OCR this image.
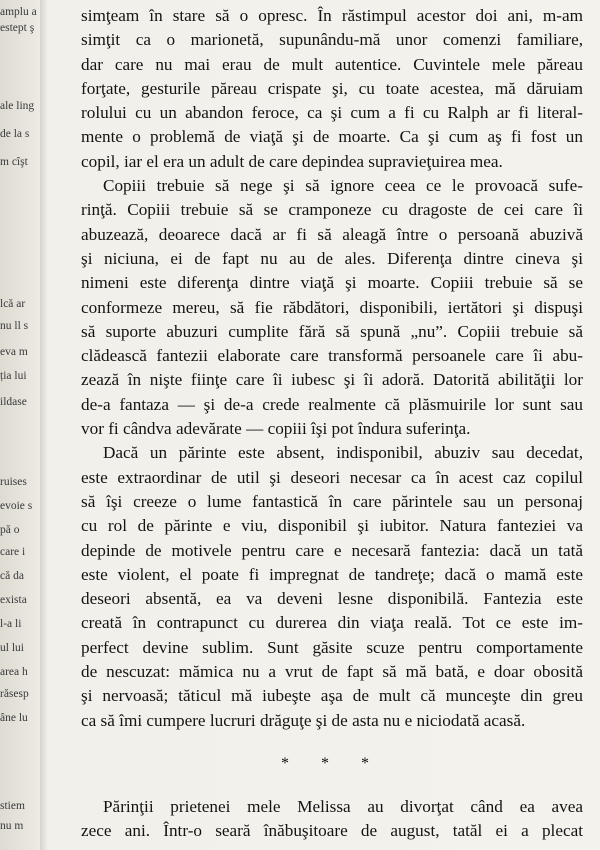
amplu a
estept ş
ale ling
de la s
m cîşt
lcă ar
nu ll s
eva m
ția lui
ildase
ruises
evoie s
pă o
care i
că da
exista
l-a li
ul lui
area h
răsesp
âne lu
stiem
nu m
simţeam în stare să o opresc. În răstimpul acestor doi ani, m-am
simţit ca o marionetă, supunându-mă unor comenzi familiare,
dar care nu mai erau de mult autentice. Cuvintele mele păreau
forţate, gesturile păreau crispate şi, cu toate acestea, mă dăruiam
rolului cu un abandon feroce, ca şi cum a fi cu Ralph ar fi literal-
mente o problemă de viaţă şi de moarte. Ca şi cum aş fi fost un
copil, iar el era un adult de care depindea supravieţuirea mea.
Copiii trebuie să nege şi să ignore ceea ce le provoacă sufe-
rinţă. Copiii trebuie să se cramponeze cu dragoste de cei care îi
abuzează, deoarece dacă ar fi să aleagă între o persoană abuzivă
şi niciuna, ei de fapt nu au de ales. Diferenţa dintre cineva şi
nimeni este diferenţa dintre viaţă şi moarte. Copiii trebuie să se
conformeze mereu, să fie răbdători, disponibili, iertători şi dispuşi
să suporte abuzuri cumplite fără să spună „nu”. Copiii trebuie să
clădească fantezii elaborate care transformă persoanele care îi abu-
zează în nişte fiinţe care îi iubesc şi îi adoră. Datorită abilităţii lor
de-a fantaza — şi de-a crede realmente că plăsmuirile lor sunt sau
vor fi cândva adevărate — copiii îşi pot îndura suferinţa.
Dacă un părinte este absent, indisponibil, abuziv sau decedat,
este extraordinar de util şi deseori necesar ca în acest caz copilul
să îşi creeze o lume fantastică în care părintele sau un personaj
cu rol de părinte e viu, disponibil şi iubitor. Natura fanteziei va
depinde de motivele pentru care e necesară fantezia: dacă un tată
este violent, el poate fi impregnat de tandreţe; dacă o mamă este
deseori absentă, ea va deveni lesne disponibilă. Fantezia este
creată în contrapunct cu durerea din viaţa reală. Tot ce este im-
perfect devine sublim. Sunt găsite scuze pentru comportamente
de nescuzat: mămica nu a vrut de fapt să mă bată, e doar obosită
şi nervoasă; tăticul mă iubeşte aşa de mult că munceşte din greu
ca să îmi cumpere lucruri drăguţe şi de asta nu e niciodată acasă.
* * *
Părinţii prietenei mele Melissa au divorţat când ea avea
zece ani. Într-o seară înăbuşitoare de august, tatăl ei a plecat
